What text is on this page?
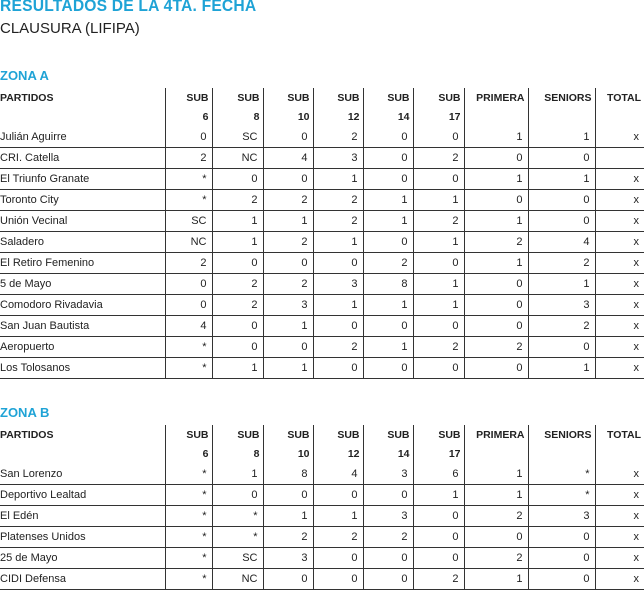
RESULTADOS DE LA 4TA. FECHA
CLAUSURA (LIFIPA)
ZONA A
PARTIDOS	SUB	SUB	SUB	SUB	SUB	SUB	PRIMERA	SENIORS	TOTAL
	6	8	10	12	14	17			
Julián Aguirre	0	SC	0	2	0	0	1	1	x
CRI. Catella	2	NC	4	3	0	2	0	0	
El Triunfo Granate	*	0	0	1	0	0	1	1	x
Toronto City	*	2	2	2	1	1	0	0	x
Unión Vecinal	SC	1	1	2	1	2	1	0	x
Saladero	NC	1	2	1	0	1	2	4	x
El Retiro Femenino	2	0	0	0	2	0	1	2	x
5 de Mayo	0	2	2	3	8	1	0	1	x
Comodoro Rivadavia	0	2	3	1	1	1	0	3	x
San Juan Bautista	4	0	1	0	0	0	0	2	x
Aeropuerto	*	0	0	2	1	2	2	0	x
Los Tolosanos	*	1	1	0	0	0	0	1	x
ZONA B
PARTIDOS	SUB	SUB	SUB	SUB	SUB	SUB	PRIMERA	SENIORS	TOTAL
	6	8	10	12	14	17			
San Lorenzo	*	1	8	4	3	6	1	*	x
Deportivo Lealtad	*	0	0	0	0	1	1	*	x
El Edén	*	*	1	1	3	0	2	3	x
Platenses Unidos	*	*	2	2	2	0	0	0	x
25 de Mayo	*	SC	3	0	0	0	2	0	x
CIDI Defensa	*	NC	0	0	0	2	1	0	x
